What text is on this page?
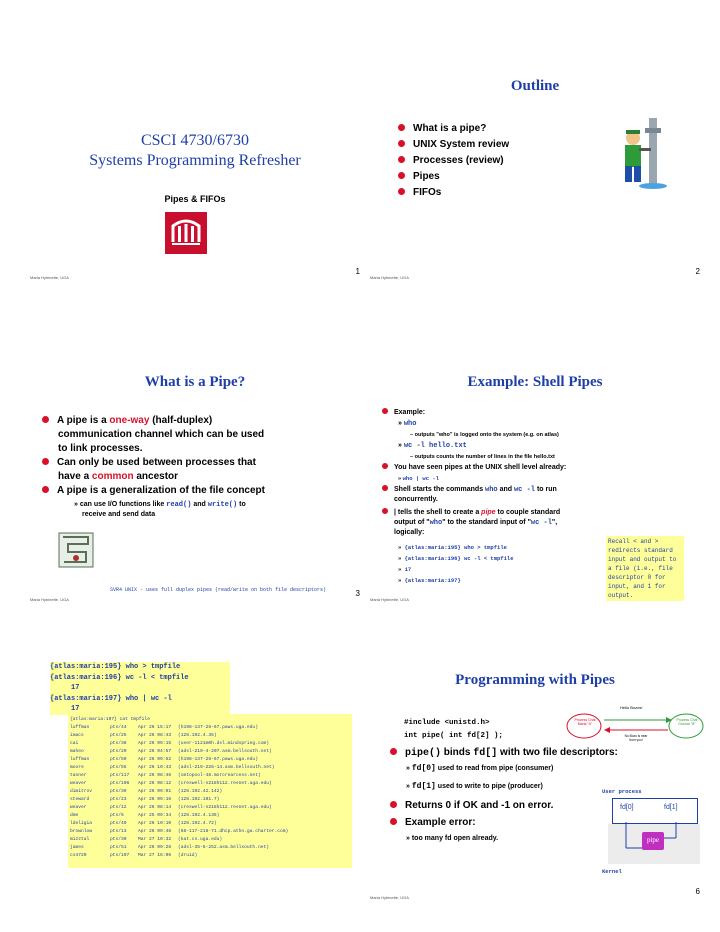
CSCI 4730/6730
Systems Programming Refresher
Pipes & FIFOs
Maria Hybinette, UGA
1
Outline
What is a pipe?
UNIX System review
Processes (review)
Pipes
FIFOs
Maria Hybinette, UGA
2
What is a Pipe?
A pipe is a one-way (half-duplex)
communication channel which can be used
to link processes.
Can only be used between processes that
have a common ancestor
A pipe is a generalization of the file concept
» can use I/O functions like read() and write() to
receive and send data
SVR4 UNIX - uses full duplex pipes (read/write on both file descriptors)
Maria Hybinette, UGA
3
Example: Shell Pipes
Example:
» who
– outputs "who" is logged onto the system (e.g. on atlas)
» wc -l hello.txt
– outputs counts the number of lines in the file hello.txt
You have seen pipes at the UNIX shell level already:
» who | wc -l
Shell starts the commands who and wc -l to run
concurrently.
| tells the shell to create a pipe to couple standard
output of "who" to the standard input of "wc -l",
logically:
» {atlas:maria:195} who > tmpfile
» {atlas:maria:196} wc -l < tmpfile
» 17
» {atlas:maria:197}
Recall < and > redirects standard input and output to a file (i.e., file descriptor 0 for input, and 1 for output.
Maria Hybinette, UGA
{atlas:maria:195} who > tmpfile
{atlas:maria:196} wc -l < tmpfile
17
{atlas:maria:197} who | wc -l
17
{atlas:maria:197} cat tmpfile
luffman	pts/44	Apr 26 15:17	(h198-137-28-67.paws.uga.edu)
imacs	pts/25	Apr 26 08:43	(128.192.4.35)
cai	pts/38	Apr 26 09:15	(user-1121m0h.dsl.mindspring.com)
maheo	pts/20	Apr 26 04:57	(adsl-219-4-207.asm.bellsouth.net)
luffman	pts/50	Apr 26 09:52	(h198-137-28-67.paws.uga.edu)
moore	pts/55	Apr 26 10:43	(adsl-219-226-14.asm.bellsouth.net)
tanner	pts/117	Apr 26 08:46	(cmtopool-48.morcrearcess.net)
weaver	pts/106	Apr 26 08:12	(creswell-s218h112.resnet.uga.edu)
dimitrov	pts/39	Apr 26 09:01	(128.192.42.142)
steward	pts/23	Apr 26 09:16	(128.192.101.7)
weaver	pts/12	Apr 26 08:14	(creswell-s218h112.resnet.uga.edu)
dme	pts/6	Apr 25 09:34	(128.192.4.136)
ldeligia	pts/40	Apr 26 10:10	(128.192.4.72)
brownlow	pts/13	Apr 26 09:48	(68-117-218-71.dhcp.athn.ga.charter.com)
mizztal	pts/30	Mar 27 10:32	(kat.cs.uga.edu)
james	pts/51	Apr 26 09:28	(adsl-35-6-252.asm.bellsouth.net)
cs4720	pts/107	Mar 27 15:06	(druid)
Programming with Pipes
#include <unistd.h>
int pipe( int fd[2] );
pipe() binds fd[] with two file descriptors:
» fd[0] used to read from pipe (consumer)
» fd[1] used to write to pipe (producer)
Returns 0 if OK and -1 on error.
Example error:
» too many fd open already.
Hello Bozos!
Process Chat Maria "A"
Process Chat Gunnar "B"
No Bozo is near from you!
User process
fd[0]	fd[1]
pipe
Kernel
Maria Hybinette, UGA
6
